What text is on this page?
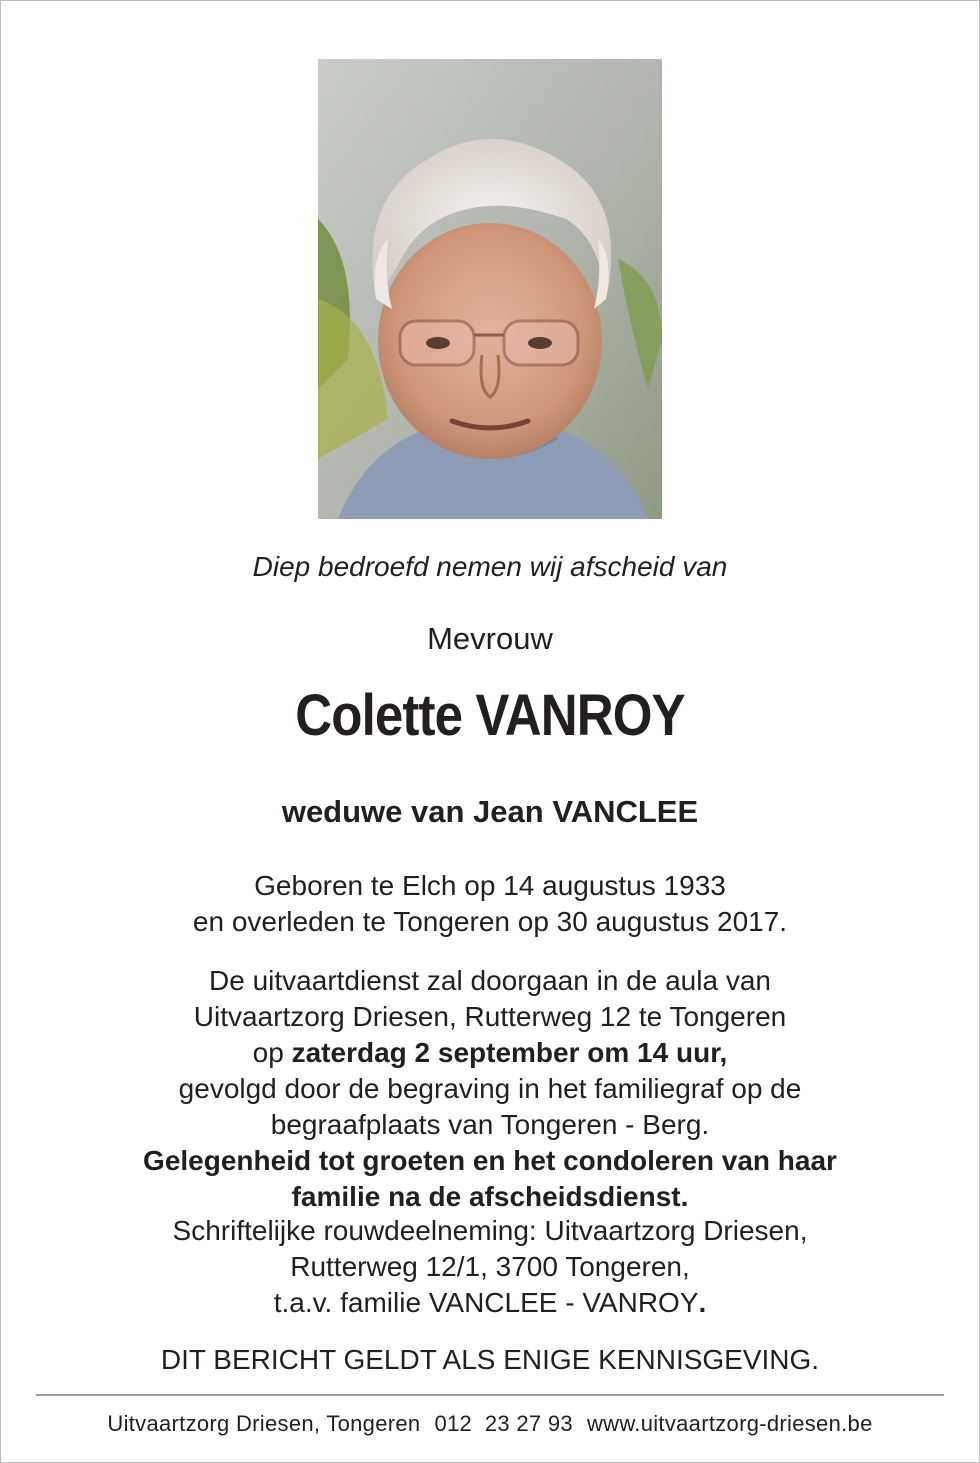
Diep bedroefd nemen wij afscheid van
Mevrouw
Colette VANROY
weduwe van Jean VANCLEE
Geboren te Elch op 14 augustus 1933
en overleden te Tongeren op 30 augustus 2017.
De uitvaartdienst zal doorgaan in de aula van
Uitvaartzorg Driesen, Rutterweg 12 te Tongeren
op zaterdag 2 september om 14 uur,
gevolgd door de begraving in het familiegraf op de
begraafplaats van Tongeren - Berg.
Gelegenheid tot groeten en het condoleren van haar
familie na de afscheidsdienst.
Schriftelijke rouwdeelneming: Uitvaartzorg Driesen,
Rutterweg 12/1, 3700 Tongeren,
t.a.v. familie VANCLEE - VANROY.
DIT BERICHT GELDT ALS ENIGE KENNISGEVING.
Uitvaartzorg Driesen, Tongeren 012  23 27 93 www.uitvaartzorg-driesen.be
